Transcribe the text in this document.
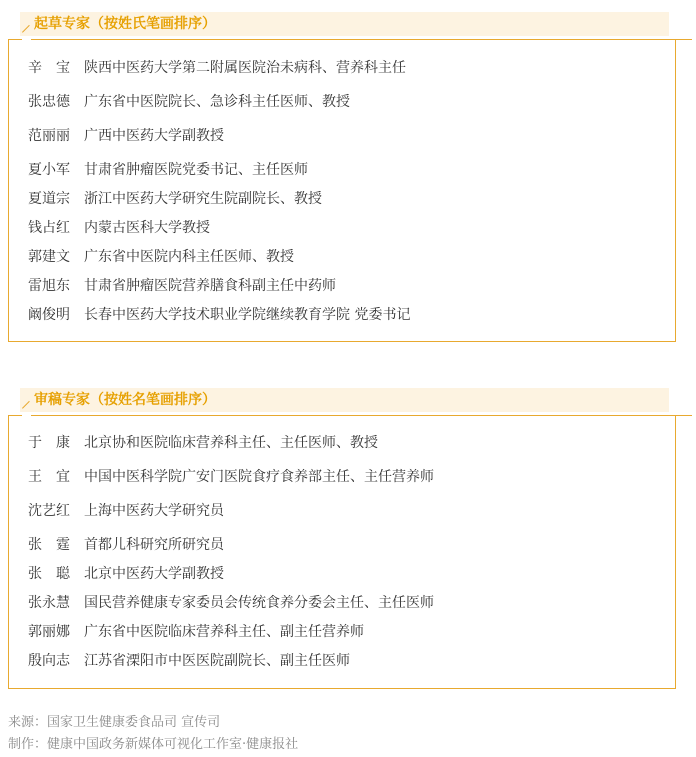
起草专家（按姓氏笔画排序）
辛　宝 陕西中医药大学第二附属医院治未病科、营养科主任
张忠德 广东省中医院院长、急诊科主任医师、教授
范丽丽 广西中医药大学副教授
夏小军 甘肃省肿瘤医院党委书记、主任医师
夏道宗 浙江中医药大学研究生院副院长、教授
钱占红 内蒙古医科大学教授
郭建文 广东省中医院内科主任医师、教授
雷旭东 甘肃省肿瘤医院营养膳食科副主任中药师
阚俊明 长春中医药大学技术职业学院继续教育学院 党委书记
审稿专家（按姓名笔画排序）
于　康 北京协和医院临床营养科主任、主任医师、教授
王　宜 中国中医科学院广安门医院食疗食养部主任、主任营养师
沈艺红 上海中医药大学研究员
张　霆 首都儿科研究所研究员
张　聪 北京中医药大学副教授
张永慧 国民营养健康专家委员会传统食养分委会主任、主任医师
郭丽娜 广东省中医院临床营养科主任、副主任营养师
殷向志 江苏省溧阳市中医医院副院长、副主任医师
来源：国家卫生健康委食品司 宣传司
制作：健康中国政务新媒体可视化工作室·健康报社
